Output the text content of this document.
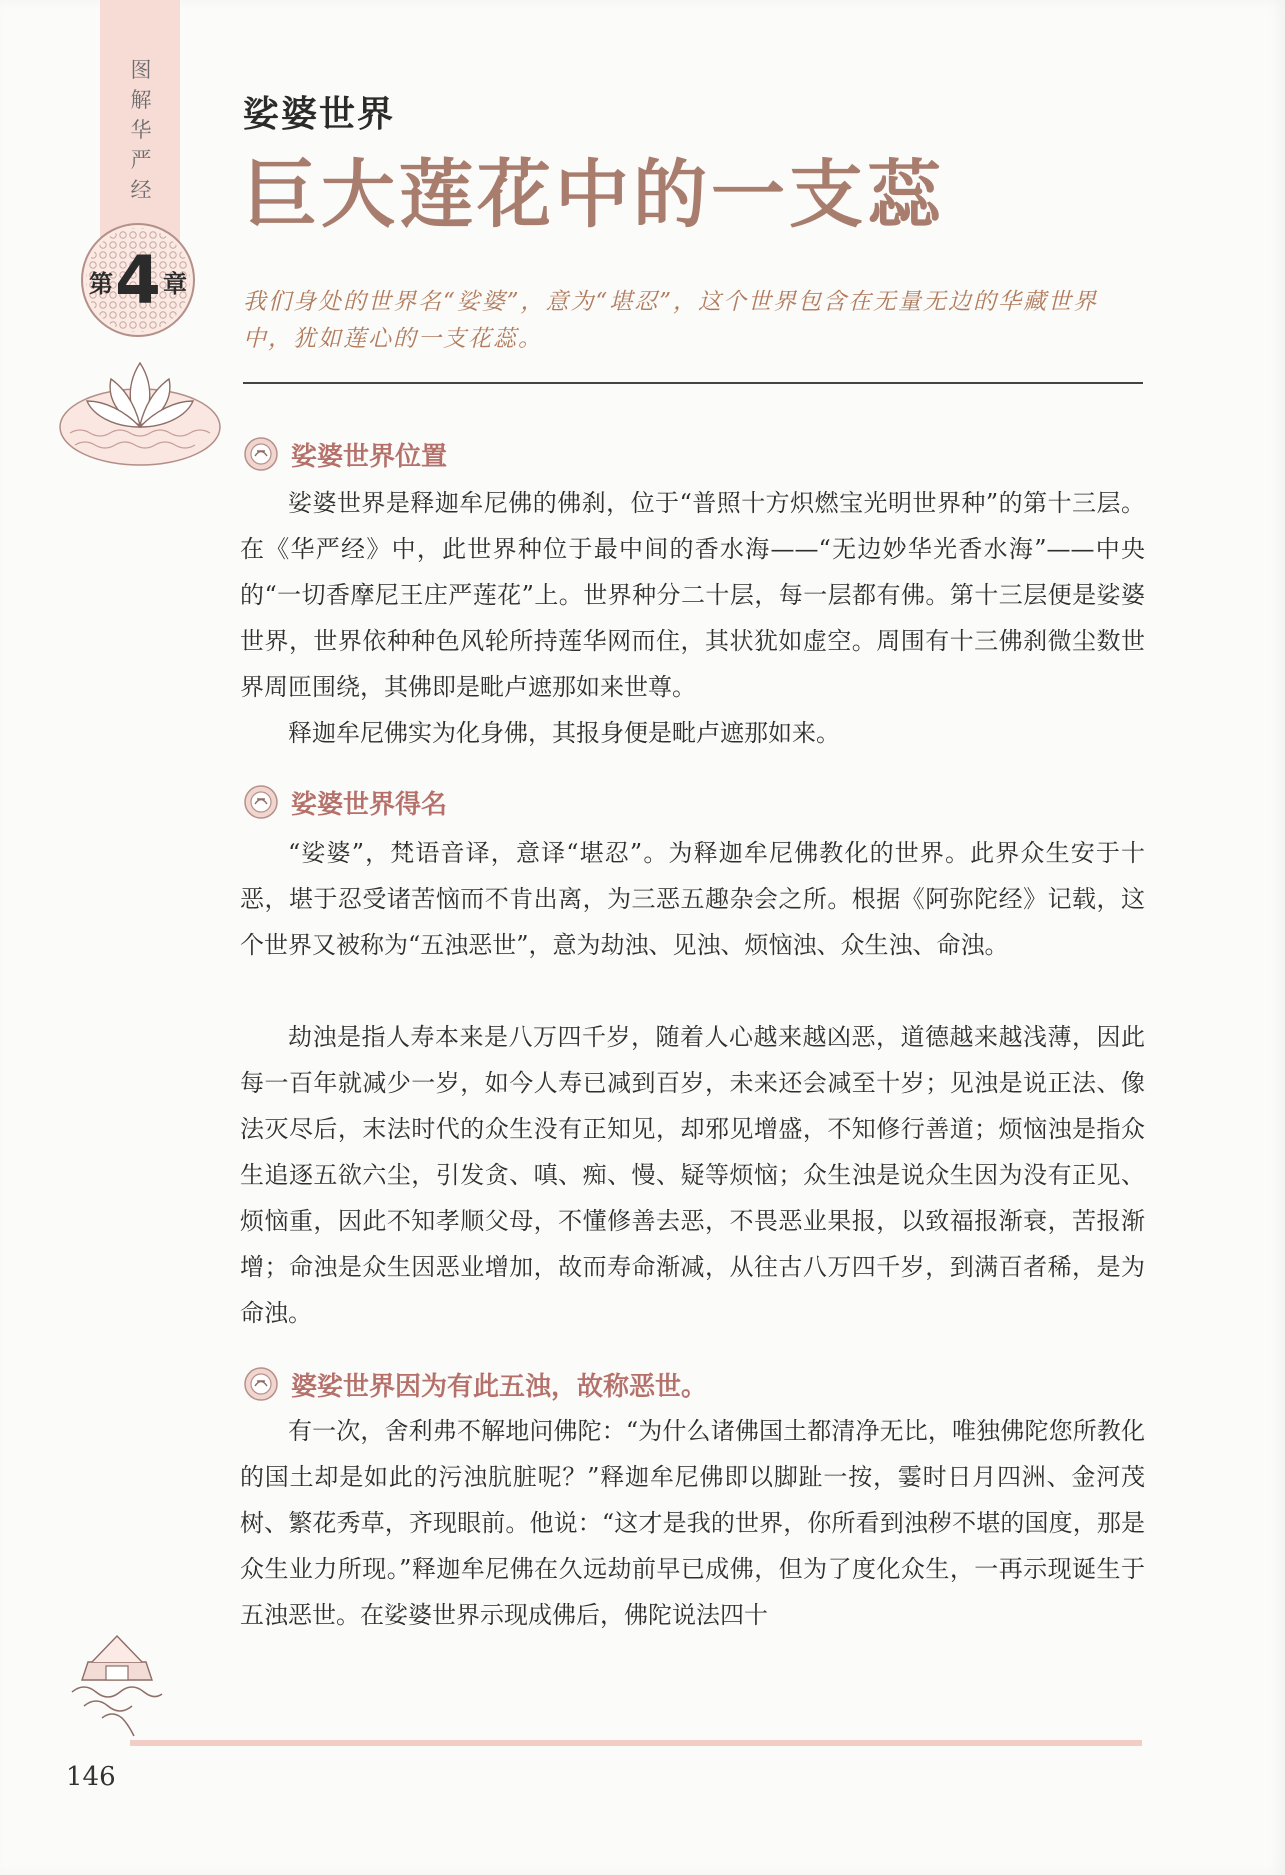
图
解
华
严
经
第 4 章
娑婆世界
巨大莲花中的一支蕊
我们身处的世界名“娑婆”，意为“堪忍”，这个世界包含在无量无边的华藏世界中，犹如莲心的一支花蕊。
娑婆世界位置
娑婆世界是释迦牟尼佛的佛刹，位于“普照十方炽燃宝光明世界种”的第十三层。在《华严经》中，此世界种位于最中间的香水海——“无边妙华光香水海”——中央的“一切香摩尼王庄严莲花”上。世界种分二十层，每一层都有佛。第十三层便是娑婆世界，世界依种种色风轮所持莲华网而住，其状犹如虚空。周围有十三佛刹微尘数世界周匝围绕，其佛即是毗卢遮那如来世尊。
释迦牟尼佛实为化身佛，其报身便是毗卢遮那如来。
娑婆世界得名
“娑婆”，梵语音译，意译“堪忍”。为释迦牟尼佛教化的世界。此界众生安于十恶，堪于忍受诸苦恼而不肯出离，为三恶五趣杂会之所。根据《阿弥陀经》记载，这个世界又被称为“五浊恶世”，意为劫浊、见浊、烦恼浊、众生浊、命浊。
劫浊是指人寿本来是八万四千岁，随着人心越来越凶恶，道德越来越浅薄，因此每一百年就减少一岁，如今人寿已减到百岁，未来还会减至十岁；见浊是说正法、像法灭尽后，末法时代的众生没有正知见，却邪见增盛，不知修行善道；烦恼浊是指众生追逐五欲六尘，引发贪、嗔、痴、慢、疑等烦恼；众生浊是说众生因为没有正见、烦恼重，因此不知孝顺父母，不懂修善去恶，不畏恶业果报，以致福报渐衰，苦报渐增；命浊是众生因恶业增加，故而寿命渐减，从往古八万四千岁，到满百者稀，是为命浊。
婆娑世界因为有此五浊，故称恶世。
有一次，舍利弗不解地问佛陀：“为什么诸佛国土都清净无比，唯独佛陀您所教化的国土却是如此的污浊肮脏呢？”释迦牟尼佛即以脚趾一按，霎时日月四洲、金河茂树、繁花秀草，齐现眼前。他说：“这才是我的世界，你所看到浊秽不堪的国度，那是众生业力所现。”释迦牟尼佛在久远劫前早已成佛，但为了度化众生，一再示现诞生于五浊恶世。在娑婆世界示现成佛后，佛陀说法四十
146
